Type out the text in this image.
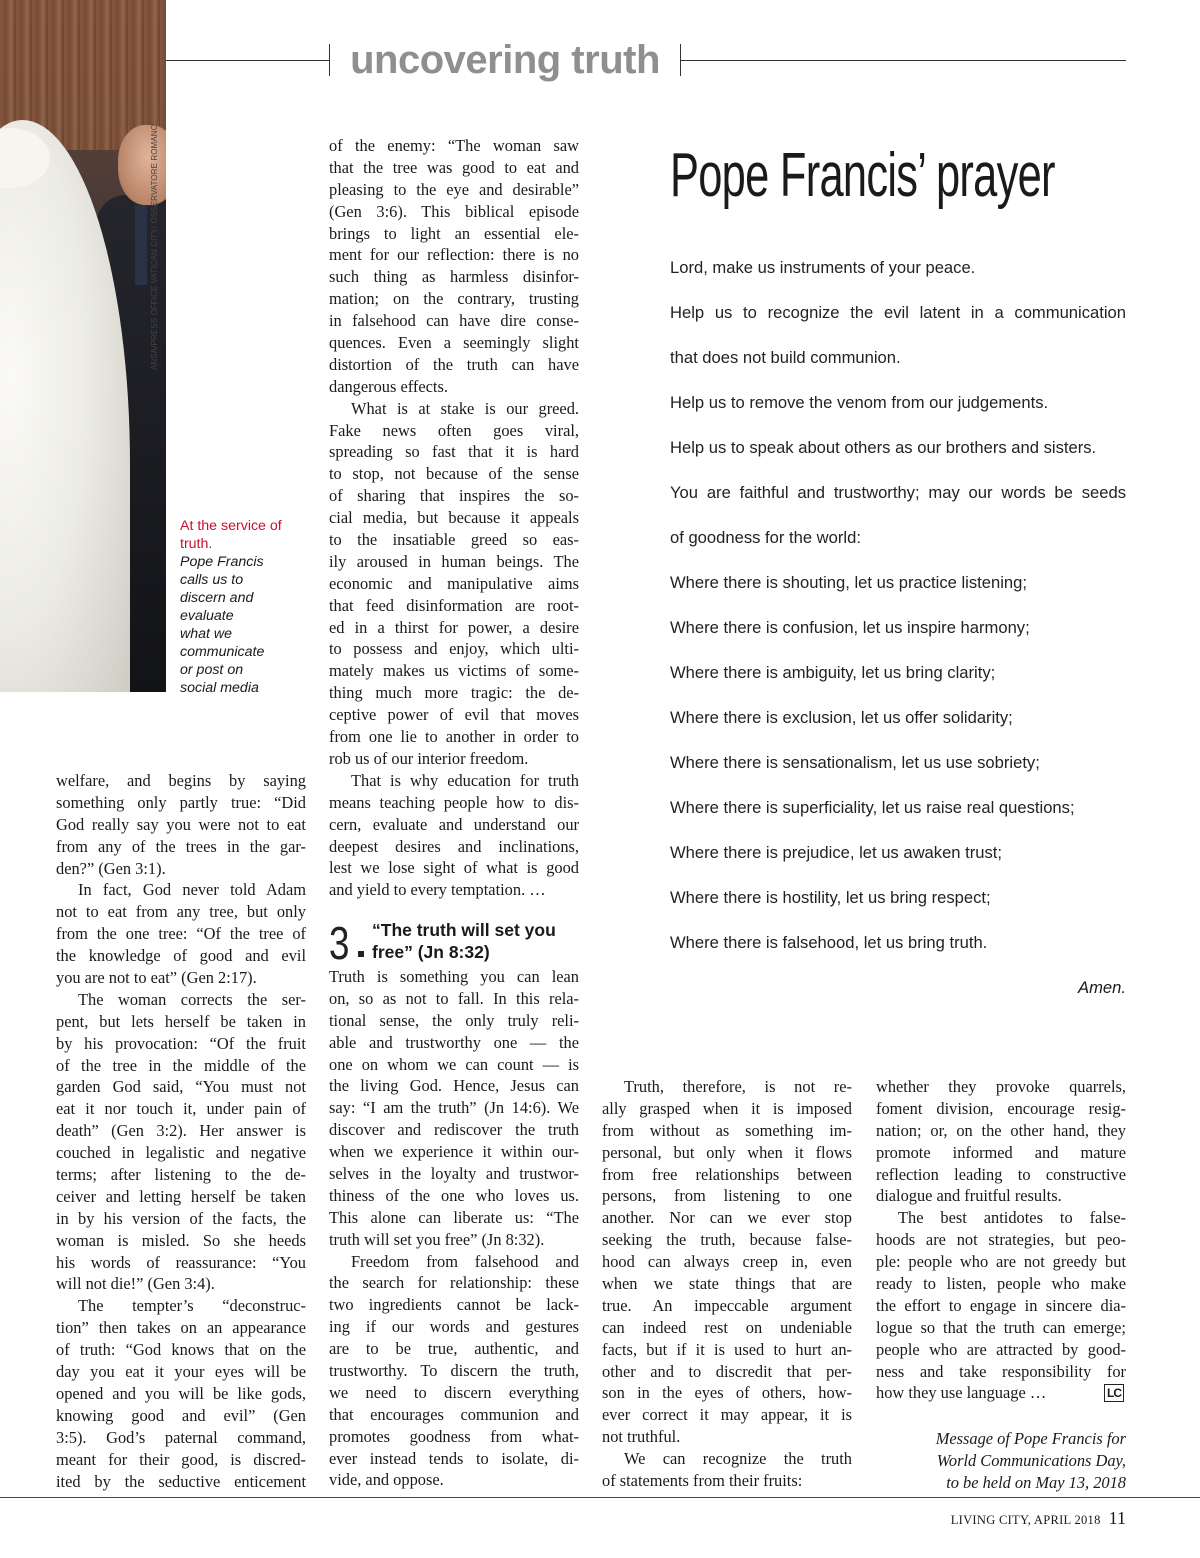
uncovering truth
ANSA/PRESS OFFICE VATICAN CITY/ OSSERVATORE ROMANO
At the service of
truth.
Pope Francis
calls us to
discern and
evaluate
what we
communicate
or post on
social media
welfare, and begins by saying
something only partly true: “Did
God really say you were not to eat
from any of the trees in the gar-
den?” (Gen 3:1).
In fact, God never told Adam
not to eat from any tree, but only
from the one tree: “Of the tree of
the knowledge of good and evil
you are not to eat” (Gen 2:17).
The woman corrects the ser-
pent, but lets herself be taken in
by his provocation: “Of the fruit
of the tree in the middle of the
garden God said, “You must not
eat it nor touch it, under pain of
death” (Gen 3:2). Her answer is
couched in legalistic and negative
terms; after listening to the de-
ceiver and letting herself be taken
in by his version of the facts, the
woman is misled. So she heeds
his words of reassurance: “You
will not die!” (Gen 3:4).
The tempter’s “deconstruc-
tion” then takes on an appearance
of truth: “God knows that on the
day you eat it your eyes will be
opened and you will be like gods,
knowing good and evil” (Gen
3:5). God’s paternal command,
meant for their good, is discred-
ited by the seductive enticement
of the enemy: “The woman saw
that the tree was good to eat and
pleasing to the eye and desirable”
(Gen 3:6). This biblical episode
brings to light an essential ele-
ment for our reflection: there is no
such thing as harmless disinfor-
mation; on the contrary, trusting
in falsehood can have dire conse-
quences. Even a seemingly slight
distortion of the truth can have
dangerous effects.
What is at stake is our greed.
Fake news often goes viral,
spreading so fast that it is hard
to stop, not because of the sense
of sharing that inspires the so-
cial media, but because it appeals
to the insatiable greed so eas-
ily aroused in human beings. The
economic and manipulative aims
that feed disinformation are root-
ed in a thirst for power, a desire
to possess and enjoy, which ulti-
mately makes us victims of some-
thing much more tragic: the de-
ceptive power of evil that moves
from one lie to another in order to
rob us of our interior freedom.
That is why education for truth
means teaching people how to dis-
cern, evaluate and understand our
deepest desires and inclinations,
lest we lose sight of what is good
and yield to every temptation. …
3 “The truth will set you
free” (Jn 8:32)
Truth is something you can lean
on, so as not to fall. In this rela-
tional sense, the only truly reli-
able and trustworthy one — the
one on whom we can count — is
the living God. Hence, Jesus can
say: “I am the truth” (Jn 14:6). We
discover and rediscover the truth
when we experience it within our-
selves in the loyalty and trustwor-
thiness of the one who loves us.
This alone can liberate us: “The
truth will set you free” (Jn 8:32).
Freedom from falsehood and
the search for relationship: these
two ingredients cannot be lack-
ing if our words and gestures
are to be true, authentic, and
trustworthy. To discern the truth,
we need to discern everything
that encourages communion and
promotes goodness from what-
ever instead tends to isolate, di-
vide, and oppose.
Truth, therefore, is not re-
ally grasped when it is imposed
from without as something im-
personal, but only when it flows
from free relationships between
persons, from listening to one
another. Nor can we ever stop
seeking the truth, because false-
hood can always creep in, even
when we state things that are
true. An impeccable argument
can indeed rest on undeniable
facts, but if it is used to hurt an-
other and to discredit that per-
son in the eyes of others, how-
ever correct it may appear, it is
not truthful.
We can recognize the truth
of statements from their fruits:
whether they provoke quarrels,
foment division, encourage resig-
nation; or, on the other hand, they
promote informed and mature
reflection leading to constructive
dialogue and fruitful results.
The best antidotes to false-
hoods are not strategies, but peo-
ple: people who are not greedy but
ready to listen, people who make
the effort to engage in sincere dia-
logue so that the truth can emerge;
people who are attracted by good-
ness and take responsibility for
how they use language …	LC
Message of Pope Francis for
World Communications Day,
to be held on May 13, 2018
Pope Francis’ prayer
Lord, make us instruments of your peace.
Help us to recognize the evil latent in a communication
that does not build communion.
Help us to remove the venom from our judgements.
Help us to speak about others as our brothers and sisters.
You are faithful and trustworthy; may our words be seeds
of goodness for the world:
Where there is shouting, let us practice listening;
Where there is confusion, let us inspire harmony;
Where there is ambiguity, let us bring clarity;
Where there is exclusion, let us offer solidarity;
Where there is sensationalism, let us use sobriety;
Where there is superficiality, let us raise real questions;
Where there is prejudice, let us awaken trust;
Where there is hostility, let us bring respect;
Where there is falsehood, let us bring truth.
Amen.
LIVING CITY, APRIL 2018 11
